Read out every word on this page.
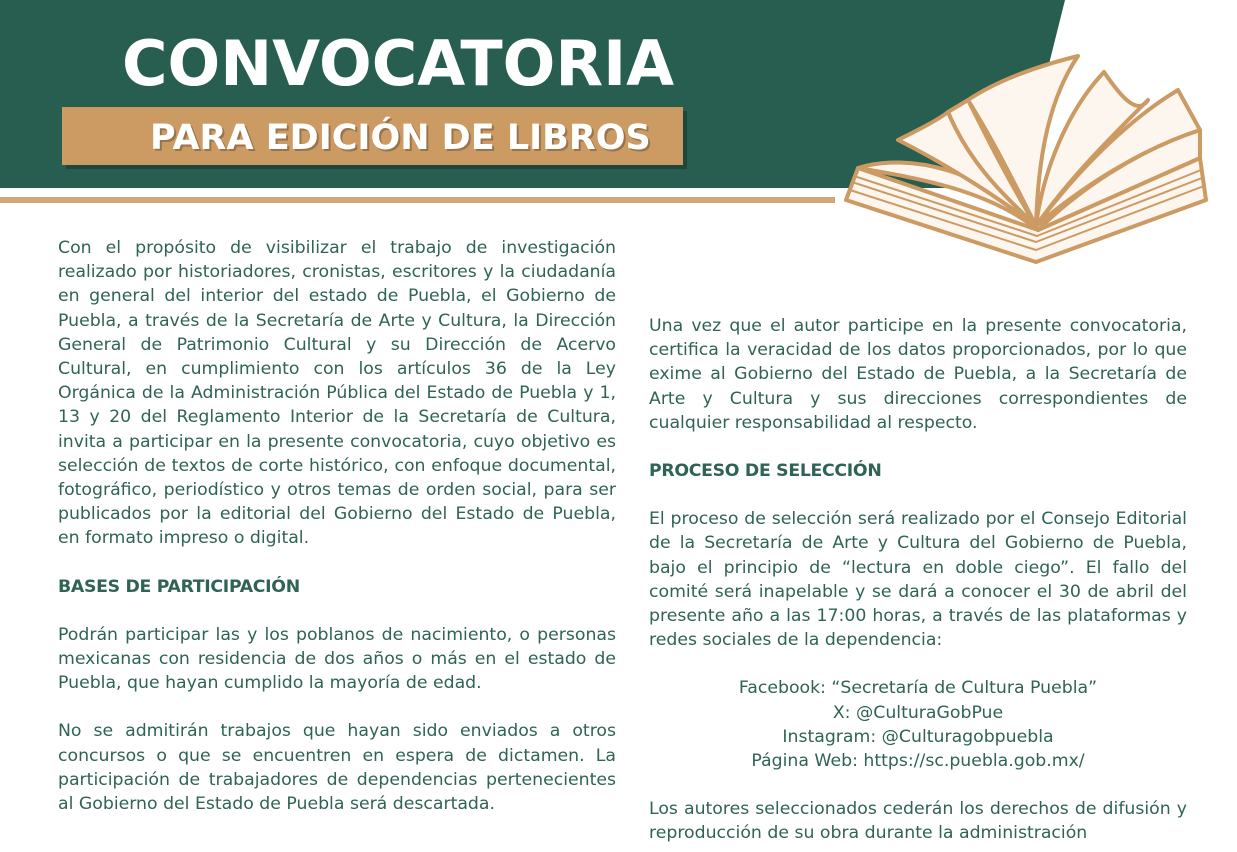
CONVOCATORIA
PARA EDICIÓN DE LIBROS

Con el propósito de visibilizar el trabajo de investigación realizado por historiadores, cronistas, escritores y la ciudadanía en general del interior del estado de Puebla, el Gobierno de Puebla, a través de la Secretaría de Arte y Cultura, la Dirección General de Patrimonio Cultural y su Dirección de Acervo Cultural, en cumplimiento con los artículos 36 de la Ley Orgánica de la Administración Pública del Estado de Puebla y 1, 13 y 20 del Reglamento Interior de la Secretaría de Cultura, invita a participar en la presente convocatoria, cuyo objetivo es selección de textos de corte histórico, con enfoque documental, fotográfico, periodístico y otros temas de orden social, para ser publicados por la editorial del Gobierno del Estado de Puebla, en formato impreso o digital.

BASES DE PARTICIPACIÓN

Podrán participar las y los poblanos de nacimiento, o personas mexicanas con residencia de dos años o más en el estado de Puebla, que hayan cumplido la mayoría de edad.

No se admitirán trabajos que hayan sido enviados a otros concursos o que se encuentren en espera de dictamen. La participación de trabajadores de dependencias pertenecientes al Gobierno del Estado de Puebla será descartada.

Una vez que el autor participe en la presente convocatoria, certifica la veracidad de los datos proporcionados, por lo que exime al Gobierno del Estado de Puebla, a la Secretaría de Arte y Cultura y sus direcciones correspondientes de cualquier responsabilidad al respecto.

PROCESO DE SELECCIÓN

El proceso de selección será realizado por el Consejo Editorial de la Secretaría de Arte y Cultura del Gobierno de Puebla, bajo el principio de “lectura en doble ciego”. El fallo del comité será inapelable y se dará a conocer el 30 de abril del presente año a las 17:00 horas, a través de las plataformas y redes sociales de la dependencia:

Facebook: “Secretaría de Cultura Puebla”

X: @CulturaGobPue

Instagram: @Culturagobpuebla

Página Web: https://sc.puebla.gob.mx/

Los autores seleccionados cederán los derechos de difusión y reproducción de su obra durante la administración
